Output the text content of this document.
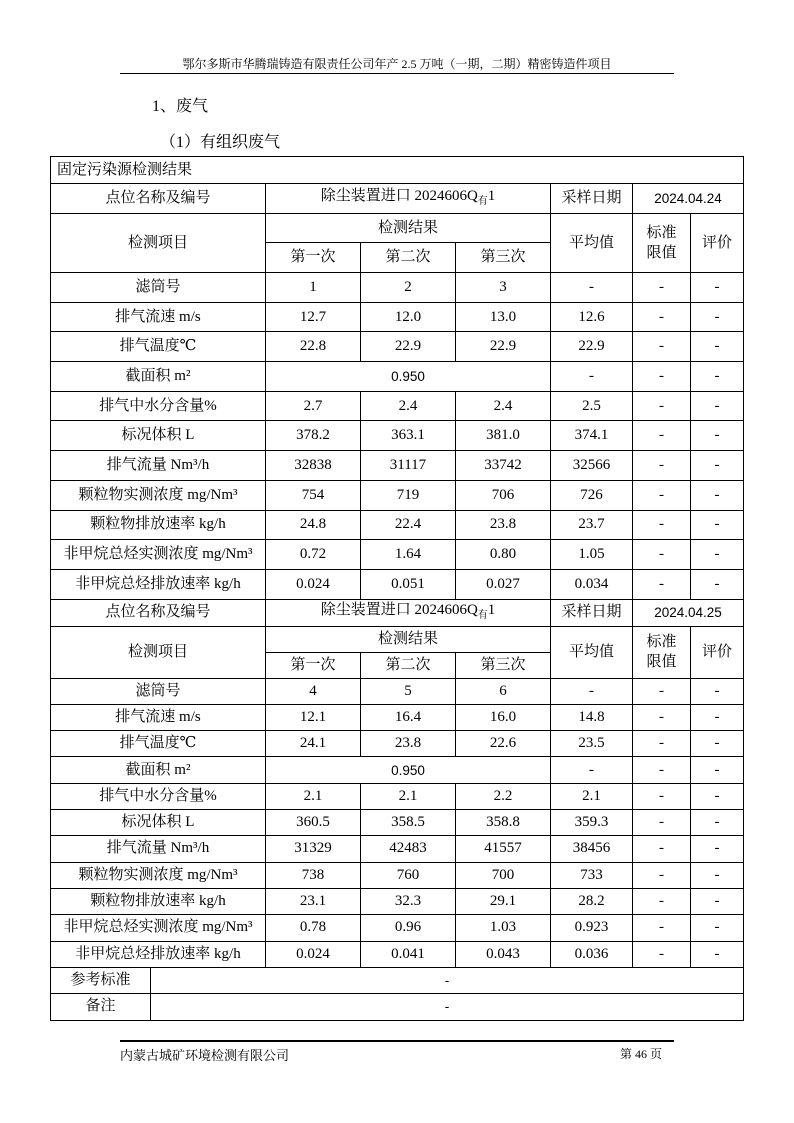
鄂尔多斯市华腾瑞铸造有限责任公司年产 2.5 万吨（一期，二期）精密铸造件项目
1、废气
（1）有组织废气
固定污染源检测结果							
点位名称及编号		除尘装置进口 $2024606Q_有1$			采样日期	2024.04.24	
检测项目		检测结果			平均值	标准限值	评价
		第一次	第二次	第三次			
滤筒号		1	2	3	-	-	-
排气流速 m/s		12.7	12.0	13.0	12.6	-	-
排气温度℃		22.8	22.9	22.9	22.9	-	-
截面积 m²		0.950			-	-	-
排气中水分含量%		2.7	2.4	2.4	2.5	-	-
标况体积 L		378.2	363.1	381.0	374.1	-	-
排气流量 Nm³/h		32838	31117	33742	32566	-	-
颗粒物实测浓度 mg/Nm³		754	719	706	726	-	-
颗粒物排放速率 kg/h		24.8	22.4	23.8	23.7	-	-
非甲烷总烃实测浓度 mg/Nm³		0.72	1.64	0.80	1.05	-	-
非甲烷总烃排放速率 kg/h		0.024	0.051	0.027	0.034	-	-
点位名称及编号		除尘装置进口 $2024606Q_有1$			采样日期	2024.04.25	
检测项目		检测结果			平均值	标准限值	评价
		第一次	第二次	第三次			
滤筒号		4	5	6	-	-	-
排气流速 m/s		12.1	16.4	16.0	14.8	-	-
排气温度℃		24.1	23.8	22.6	23.5	-	-
截面积 m²		0.950			-	-	-
排气中水分含量%		2.1	2.1	2.2	2.1	-	-
标况体积 L		360.5	358.5	358.8	359.3	-	-
排气流量 Nm³/h		31329	42483	41557	38456	-	-
颗粒物实测浓度 mg/Nm³		738	760	700	733	-	-
颗粒物排放速率 kg/h		23.1	32.3	29.1	28.2	-	-
非甲烷总烃实测浓度 mg/Nm³		0.78	0.96	1.03	0.923	-	-
非甲烷总烃排放速率 kg/h		0.024	0.041	0.043	0.036	-	-
参考标准	-						
备注	-						
内蒙古城矿环境检测有限公司	第 46 页
